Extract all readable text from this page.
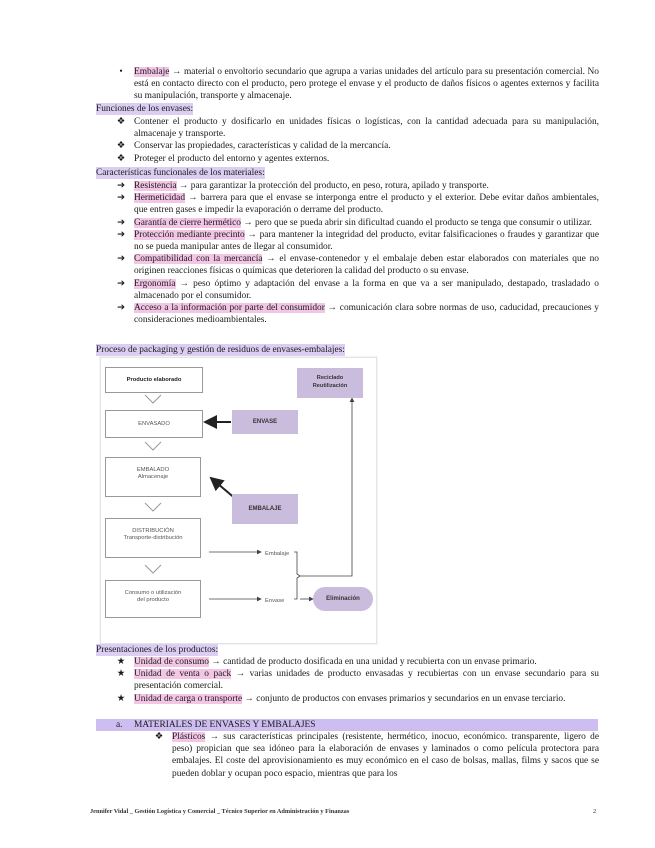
•	Embalaje → material o envoltorio secundario que agrupa a varias unidades del artículo para su presentación comercial. No está en contacto directo con el producto, pero protege el envase y el producto de daños físicos o agentes externos y facilita su manipulación, transporte y almacenaje.
Funciones de los envases:
❖ Contener el producto y dosificarlo en unidades físicas o logísticas, con la cantidad adecuada para su manipulación, almacenaje y transporte.
❖ Conservar las propiedades, características y calidad de la mercancía.
❖ Proteger el producto del entorno y agentes externos.
Características funcionales de los materiales:
➔ Resistencia → para garantizar la protección del producto, en peso, rotura, apilado y transporte.
➔ Hermeticidad → barrera para que el envase se interponga entre el producto y el exterior. Debe evitar daños ambientales, que entren gases e impedir la evaporación o derrame del producto.
➔ Garantía de cierre hermético → pero que se pueda abrir sin dificultad cuando el producto se tenga que consumir o utilizar.
➔ Protección mediante precinto → para mantener la integridad del producto, evitar falsificaciones o fraudes y garantizar que no se pueda manipular antes de llegar al consumidor.
➔ Compatibilidad con la mercancía → el envase-contenedor y el embalaje deben estar elaborados con materiales que no originen reacciones físicas o químicas que deterioren la calidad del producto o su envase.
➔ Ergonomía → peso óptimo y adaptación del envase a la forma en que va a ser manipulado, destapado, trasladado o almacenado por el consumidor.
➔ Acceso a la información por parte del consumidor → comunicación clara sobre normas de uso, caducidad, precauciones y consideraciones medioambientales.
Proceso de packaging y gestión de residuos de envases-embalajes:
Producto elaborado
ENVASADO
EMBALADO
Almacenaje
DISTRIBUCIÓN
Transporte-distribución
Consumo o utilización
del producto
ENVASE
EMBALAJE
Reciclado
Reutilización
Eliminación
Embalaje
Envase
Presentaciones de los productos:
★ Unidad de consumo → cantidad de producto dosificada en una unidad y recubierta con un envase primario.
★ Unidad de venta o pack → varias unidades de producto envasadas y recubiertas con un envase secundario para su presentación comercial.
★ Unidad de carga o transporte → conjunto de productos con envases primarios y secundarios en un envase terciario.
a. MATERIALES DE ENVASES Y EMBALAJES
❖ Plásticos → sus características principales (resistente, hermético, inocuo, económico. transparente, ligero de peso) propician que sea idóneo para la elaboración de envases y laminados o como película protectora para embalajes. El coste del aprovisionamiento es muy económico en el caso de bolsas, mallas, films y sacos que se pueden doblar y ocupan poco espacio, mientras que para los
Jennifer Vidal _ Gestión Logística y Comercial _ Técnico Superior en Administración y Finanzas	2
